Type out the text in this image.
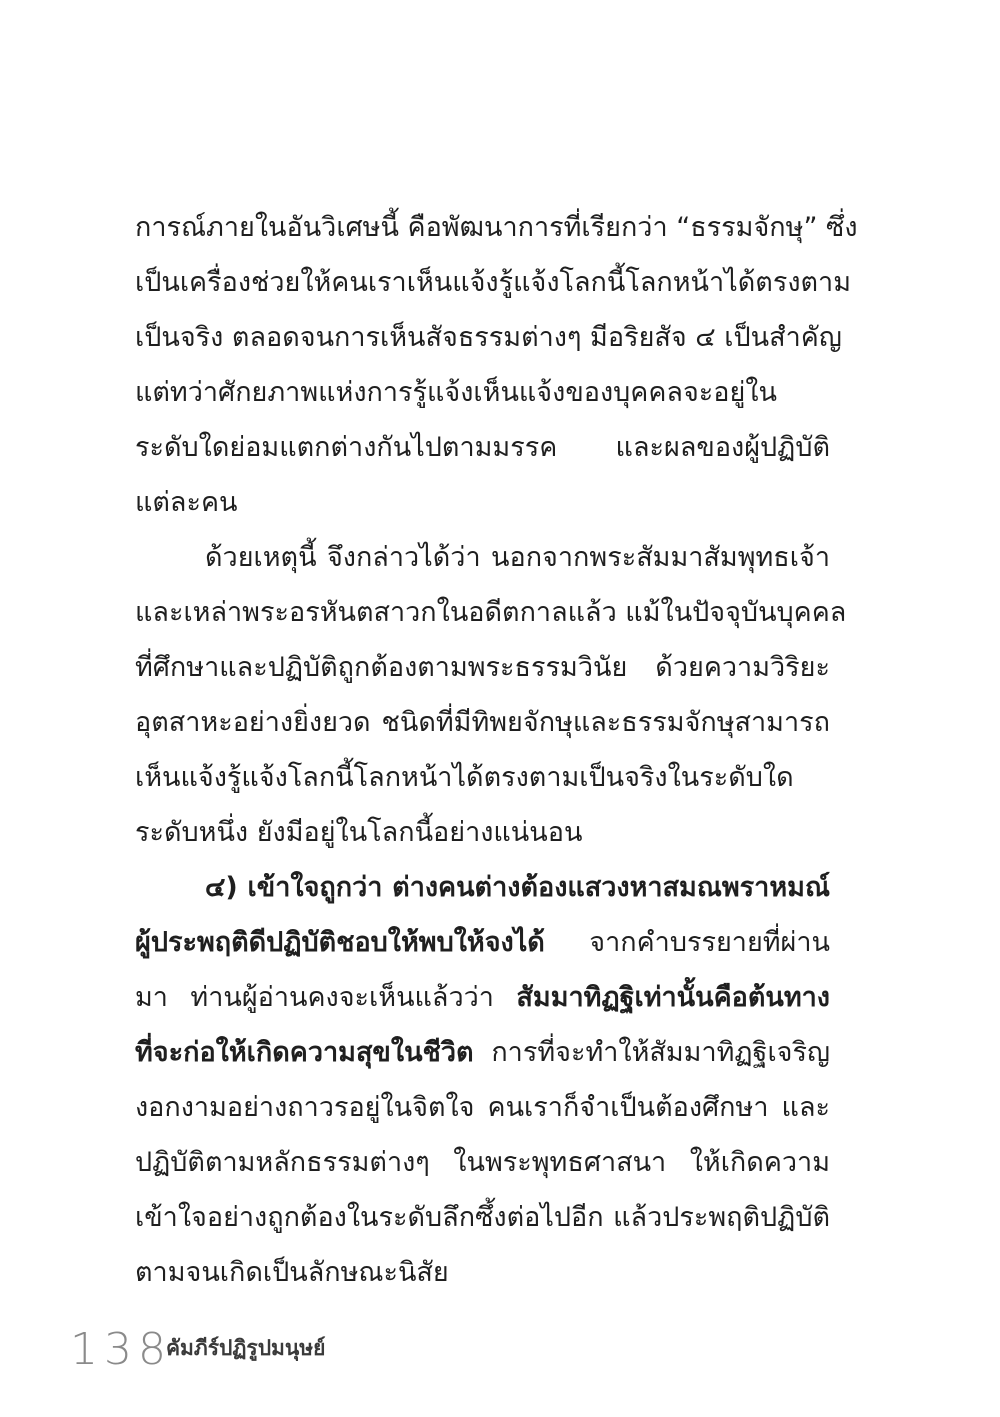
การณ์ภายในอันวิเศษนี้ คือพัฒนาการที่เรียกว่า “ธรรมจักษุ” ซึ่ง
เป็นเครื่องช่วยให้คนเราเห็นแจ้งรู้แจ้งโลกนี้โลกหน้าได้ตรงตาม
เป็นจริง ตลอดจนการเห็นสัจธรรมต่างๆ มีอริยสัจ ๔ เป็นสำคัญ
แต่ทว่าศักยภาพแห่งการรู้แจ้งเห็นแจ้งของบุคคลจะอยู่ใน
ระดับใดย่อมแตกต่างกันไปตามมรรค และผลของผู้ปฏิบัติ
แต่ละคน
ด้วยเหตุนี้ จึงกล่าวได้ว่า นอกจากพระสัมมาสัมพุทธเจ้า
และเหล่าพระอรหันตสาวกในอดีตกาลแล้ว แม้ในปัจจุบันบุคคล
ที่ศึกษาและปฏิบัติถูกต้องตามพระธรรมวินัย ด้วยความวิริยะ
อุตสาหะอย่างยิ่งยวด ชนิดที่มีทิพยจักษุและธรรมจักษุสามารถ
เห็นแจ้งรู้แจ้งโลกนี้โลกหน้าได้ตรงตามเป็นจริงในระดับใด
ระดับหนึ่ง ยังมีอยู่ในโลกนี้อย่างแน่นอน
๔) เข้าใจถูกว่า ต่างคนต่างต้องแสวงหาสมณพราหมณ์
ผู้ประพฤติดีปฏิบัติชอบให้พบให้จงได้ จากคำบรรยายที่ผ่าน
มา ท่านผู้อ่านคงจะเห็นแล้วว่า สัมมาทิฏฐิเท่านั้นคือต้นทาง
ที่จะก่อให้เกิดความสุขในชีวิต การที่จะทำให้สัมมาทิฏฐิเจริญ
งอกงามอย่างถาวรอยู่ในจิตใจ คนเราก็จำเป็นต้องศึกษา และ
ปฏิบัติตามหลักธรรมต่างๆ ในพระพุทธศาสนา ให้เกิดความ
เข้าใจอย่างถูกต้องในระดับลึกซึ้งต่อไปอีก แล้วประพฤติปฏิบัติ
ตามจนเกิดเป็นลักษณะนิสัย
138
คัมภีร์ปฏิรูปมนุษย์
